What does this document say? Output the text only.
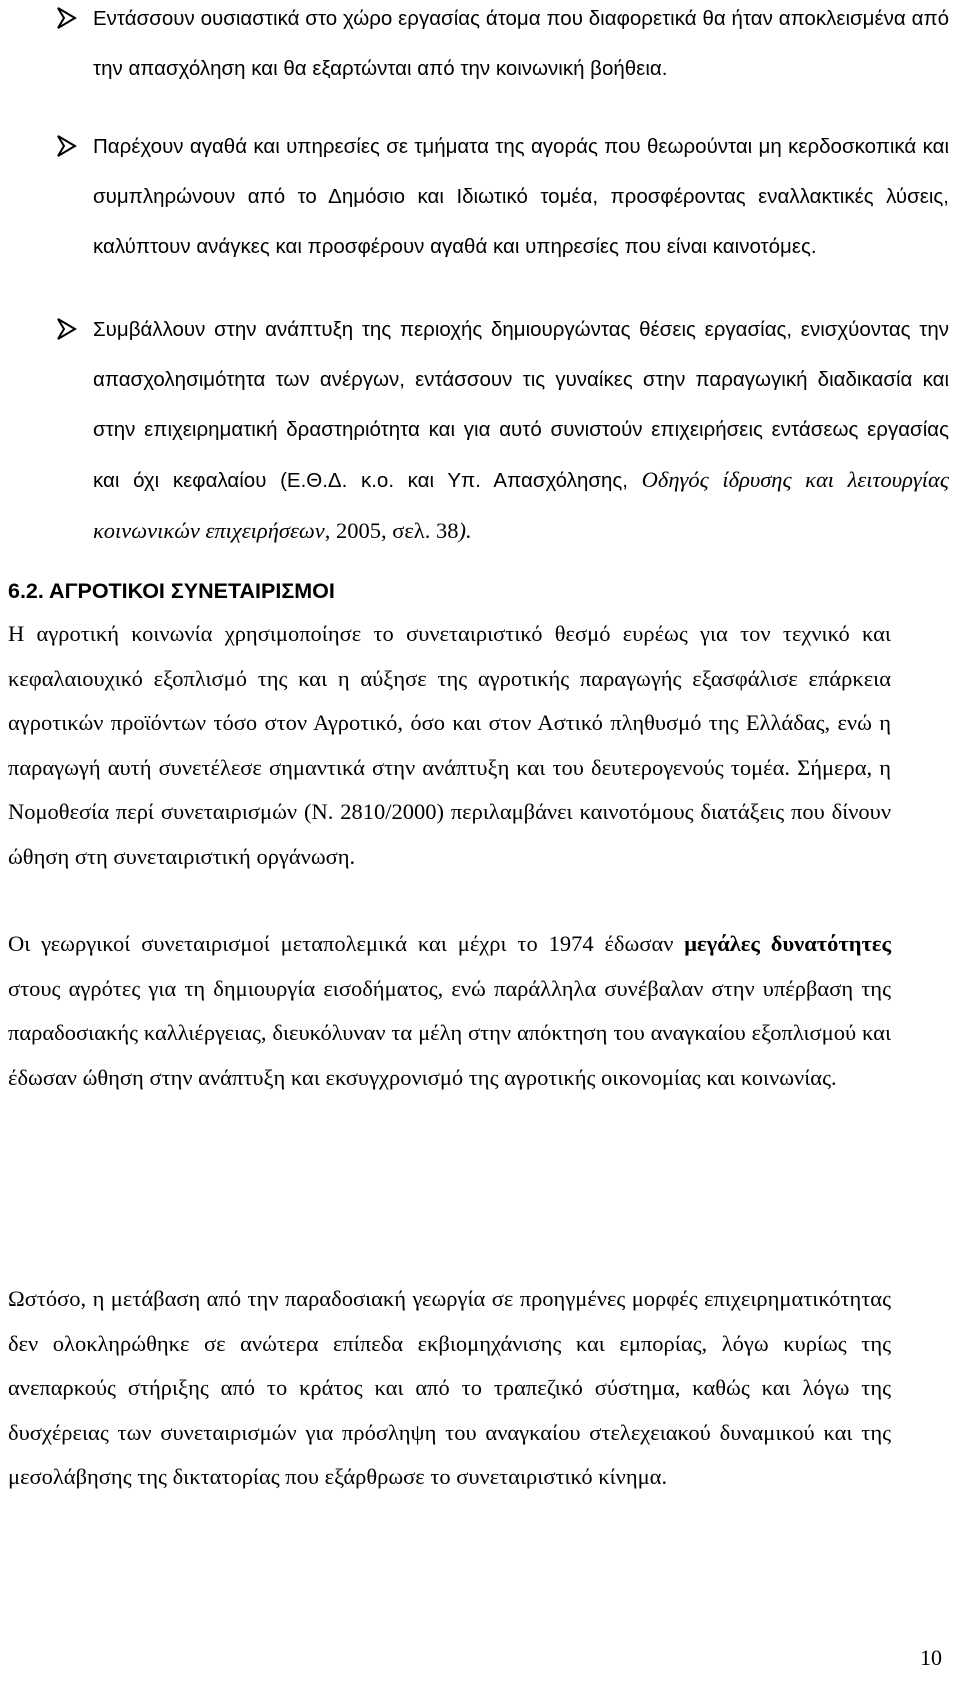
Εντάσσουν ουσιαστικά στο χώρο εργασίας άτομα που διαφορετικά θα ήταν αποκλεισμένα από την απασχόληση και θα εξαρτώνται από την κοινωνική βοήθεια.
Παρέχουν αγαθά και υπηρεσίες σε τμήματα της αγοράς που θεωρούνται μη κερδοσκοπικά και συμπληρώνουν από το Δημόσιο και Ιδιωτικό τομέα, προσφέροντας εναλλακτικές λύσεις, καλύπτουν ανάγκες και προσφέρουν αγαθά και υπηρεσίες που είναι καινοτόμες.
Συμβάλλουν στην ανάπτυξη της περιοχής δημιουργώντας θέσεις εργασίας, ενισχύοντας την απασχολησιμότητα των ανέργων, εντάσσουν τις γυναίκες στην παραγωγική διαδικασία και στην επιχειρηματική δραστηριότητα και για αυτό συνιστούν επιχειρήσεις εντάσεως εργασίας και όχι κεφαλαίου (Ε.Θ.Δ. κ.ο. και Υπ. Απασχόλησης, Οδηγός ίδρυσης και λειτουργίας κοινωνικών επιχειρήσεων, 2005, σελ. 38).
6.2. ΑΓΡΟΤΙΚΟΙ ΣΥΝΕΤΑΙΡΙΣΜΟΙ
Η αγροτική κοινωνία χρησιμοποίησε το συνεταιριστικό θεσμό ευρέως για τον τεχνικό και κεφαλαιουχικό εξοπλισμό της και η αύξησε της αγροτικής παραγωγής εξασφάλισε επάρκεια αγροτικών προϊόντων τόσο στον Αγροτικό, όσο και στον Αστικό πληθυσμό της Ελλάδας, ενώ η παραγωγή αυτή συνετέλεσε σημαντικά στην ανάπτυξη και του δευτερογενούς τομέα. Σήμερα, η Νομοθεσία περί συνεταιρισμών (Ν. 2810/2000) περιλαμβάνει καινοτόμους διατάξεις που δίνουν ώθηση στη συνεταιριστική οργάνωση.
Οι γεωργικοί συνεταιρισμοί μεταπολεμικά και μέχρι το 1974 έδωσαν μεγάλες δυνατότητες στους αγρότες για τη δημιουργία εισοδήματος, ενώ παράλληλα συνέβαλαν στην υπέρβαση της παραδοσιακής καλλιέργειας, διευκόλυναν τα μέλη στην απόκτηση του αναγκαίου εξοπλισμού και έδωσαν ώθηση στην ανάπτυξη και εκσυγχρονισμό της αγροτικής οικονομίας και κοινωνίας.
Ωστόσο, η μετάβαση από την παραδοσιακή γεωργία σε προηγμένες μορφές επιχειρηματικότητας δεν ολοκληρώθηκε σε ανώτερα επίπεδα εκβιομηχάνισης και εμπορίας, λόγω κυρίως της ανεπαρκούς στήριξης από το κράτος και από το τραπεζικό σύστημα, καθώς και λόγω της δυσχέρειας των συνεταιρισμών για πρόσληψη του αναγκαίου στελεχειακού δυναμικού και της μεσολάβησης της δικτατορίας που εξάρθρωσε το συνεταιριστικό κίνημα.
10
